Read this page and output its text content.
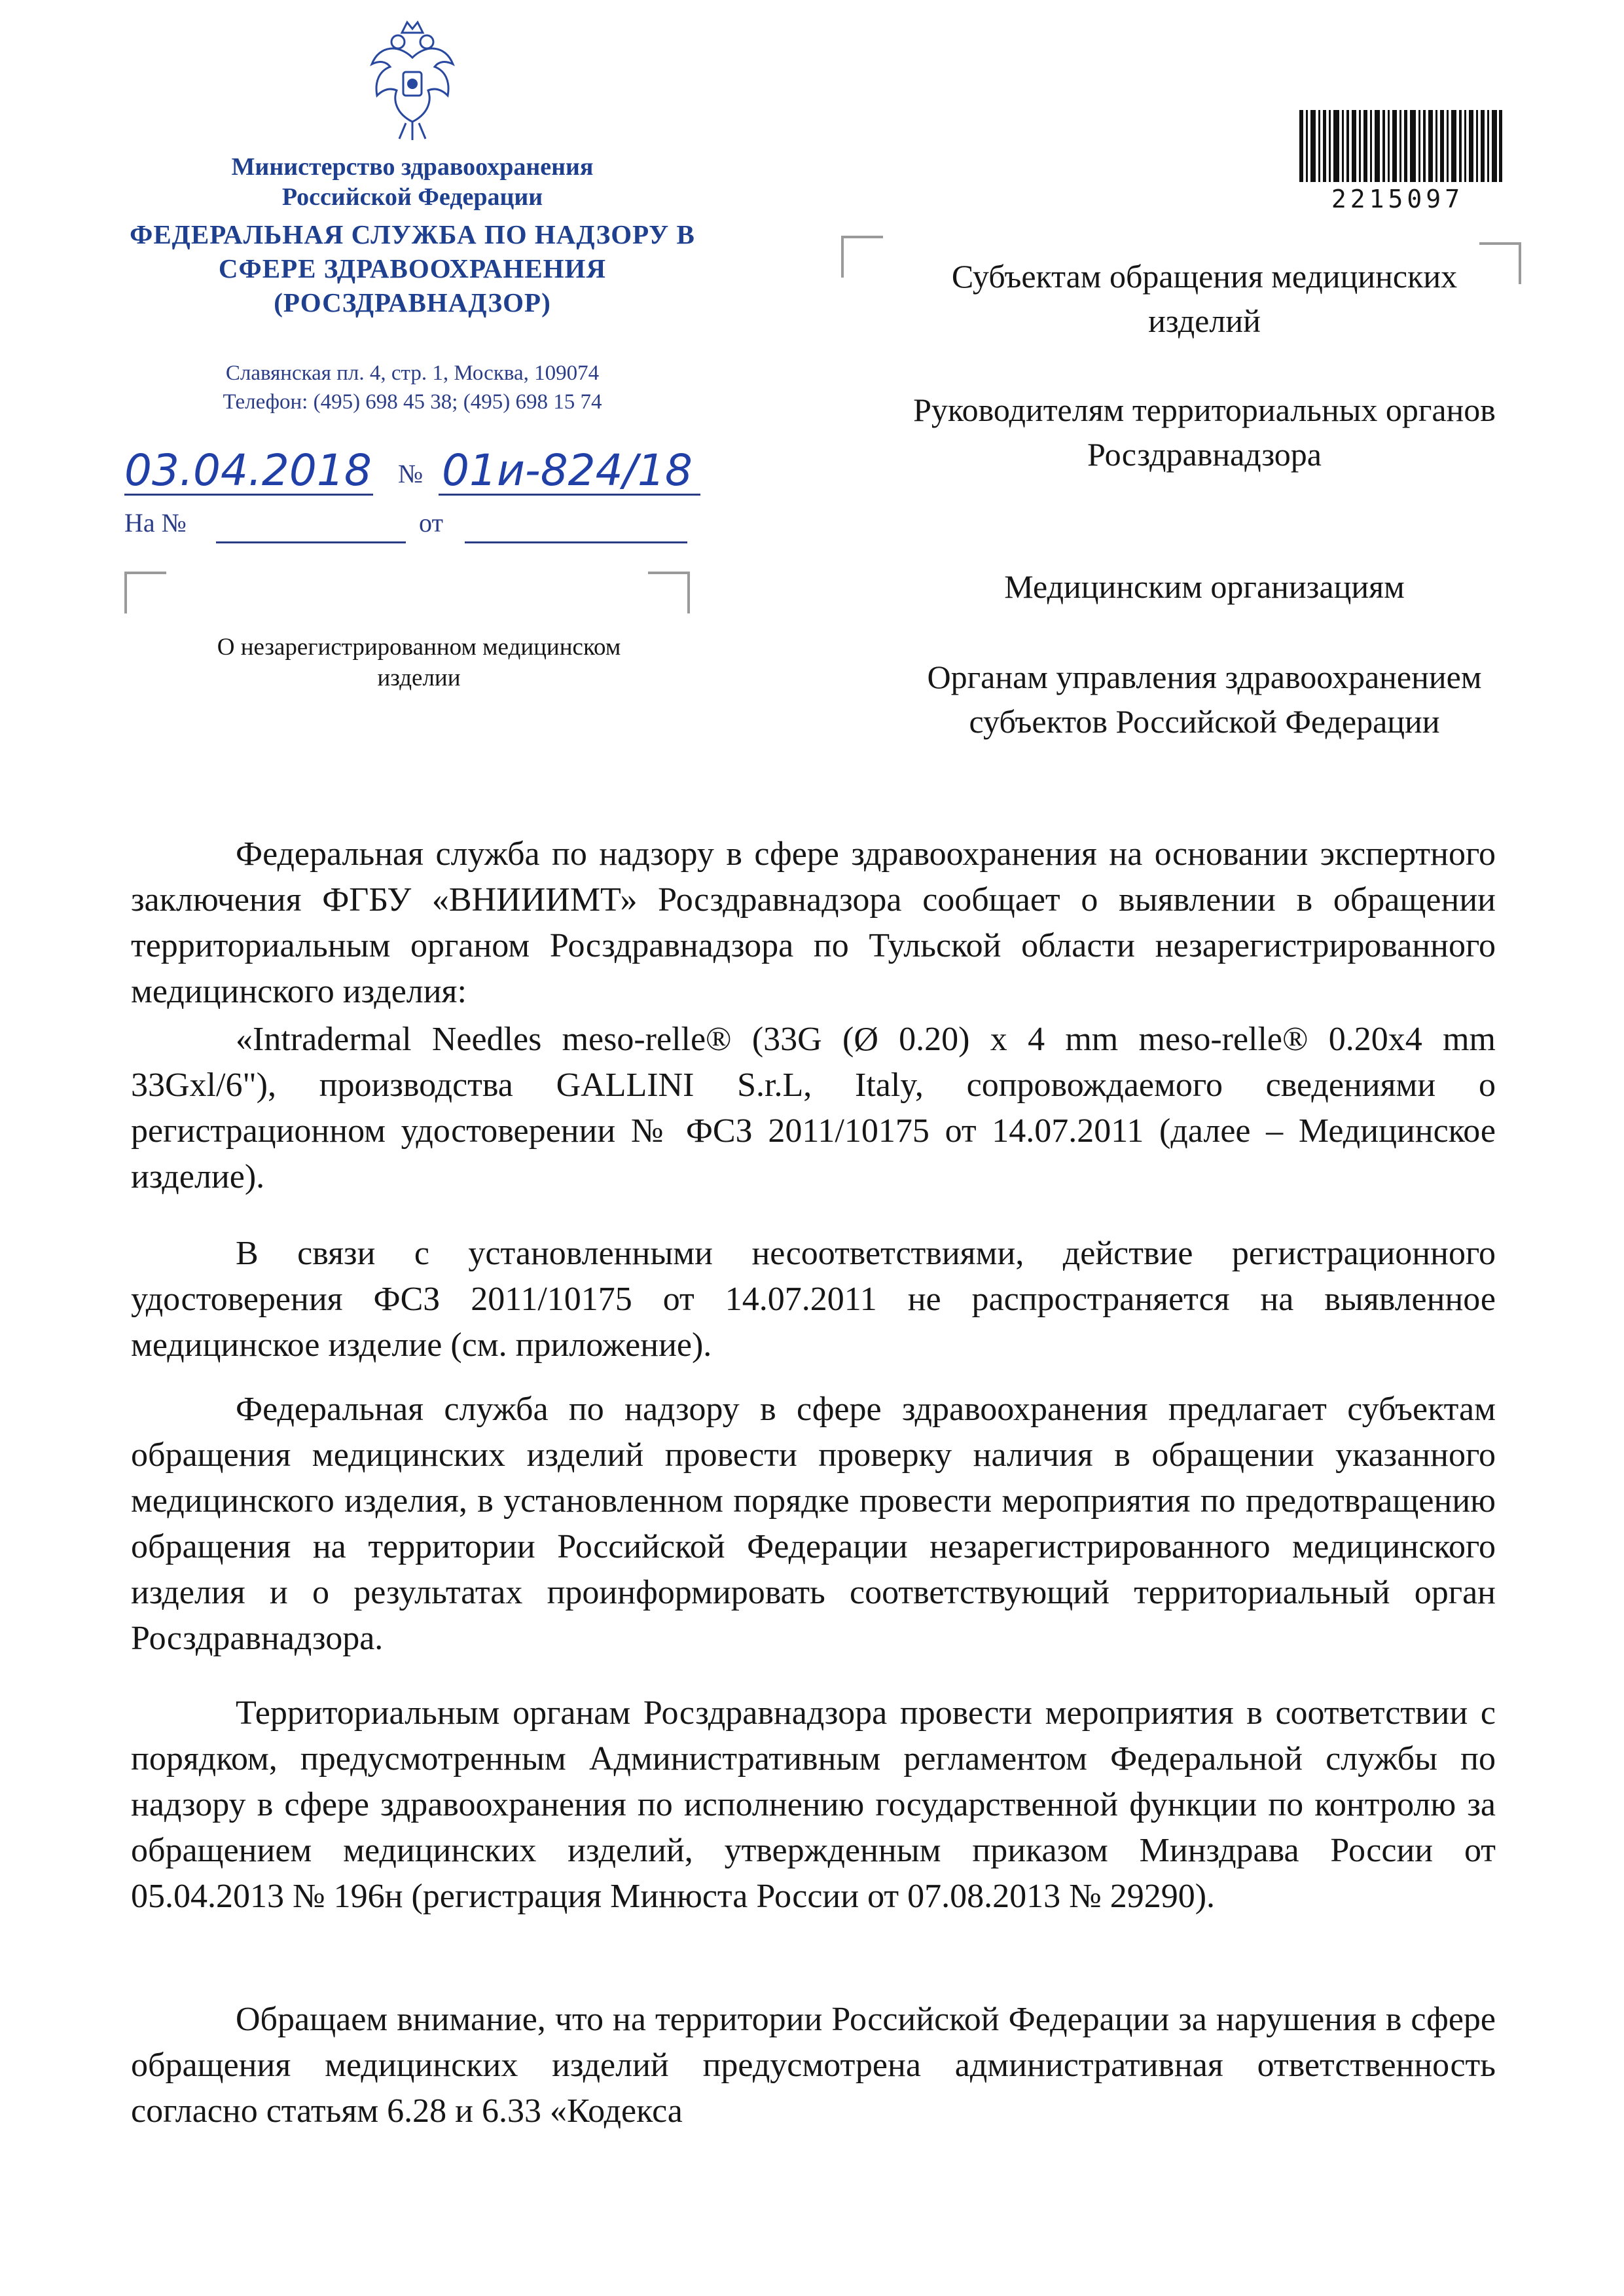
Министерство здравоохранения Российской Федерации
ФЕДЕРАЛЬНАЯ СЛУЖБА ПО НАДЗОРУ В СФЕРЕ ЗДРАВООХРАНЕНИЯ (РОСЗДРАВНАДЗОР)
Славянская пл. 4, стр. 1, Москва, 109074
Телефон: (495) 698 45 38; (495) 698 15 74
03.04.2018 № 01и-824/18
На №	от
О незарегистрированном медицинском изделии
2215097
Субъектам обращения медицинских изделий
Руководителям территориальных органов Росздравнадзора
Медицинским организациям
Органам управления здравоохранением субъектов Российской Федерации
Федеральная служба по надзору в сфере здравоохранения на основании экспертного заключения ФГБУ «ВНИИИМТ» Росздравнадзора сообщает о выявлении в обращении территориальным органом Росздравнадзора по Тульской области незарегистрированного медицинского изделия:
«Intradermal Needles meso-relle® (33G (Ø 0.20) x 4 mm meso-relle® 0.20x4 mm 33Gxl/6"), производства GALLINI S.r.L, Italy, сопровождаемого сведениями о регистрационном удостоверении № ФСЗ 2011/10175 от 14.07.2011 (далее – Медицинское изделие).
В связи с установленными несоответствиями, действие регистрационного удостоверения ФСЗ 2011/10175 от 14.07.2011 не распространяется на выявленное медицинское изделие (см. приложение).
Федеральная служба по надзору в сфере здравоохранения предлагает субъектам обращения медицинских изделий провести проверку наличия в обращении указанного медицинского изделия, в установленном порядке провести мероприятия по предотвращению обращения на территории Российской Федерации незарегистрированного медицинского изделия и о результатах проинформировать соответствующий территориальный орган Росздравнадзора.
Территориальным органам Росздравнадзора провести мероприятия в соответствии с порядком, предусмотренным Административным регламентом Федеральной службы по надзору в сфере здравоохранения по исполнению государственной функции по контролю за обращением медицинских изделий, утвержденным приказом Минздрава России от 05.04.2013 № 196н (регистрация Минюста России от 07.08.2013 № 29290).
Обращаем внимание, что на территории Российской Федерации за нарушения в сфере обращения медицинских изделий предусмотрена административная ответственность согласно статьям 6.28 и 6.33 «Кодекса
